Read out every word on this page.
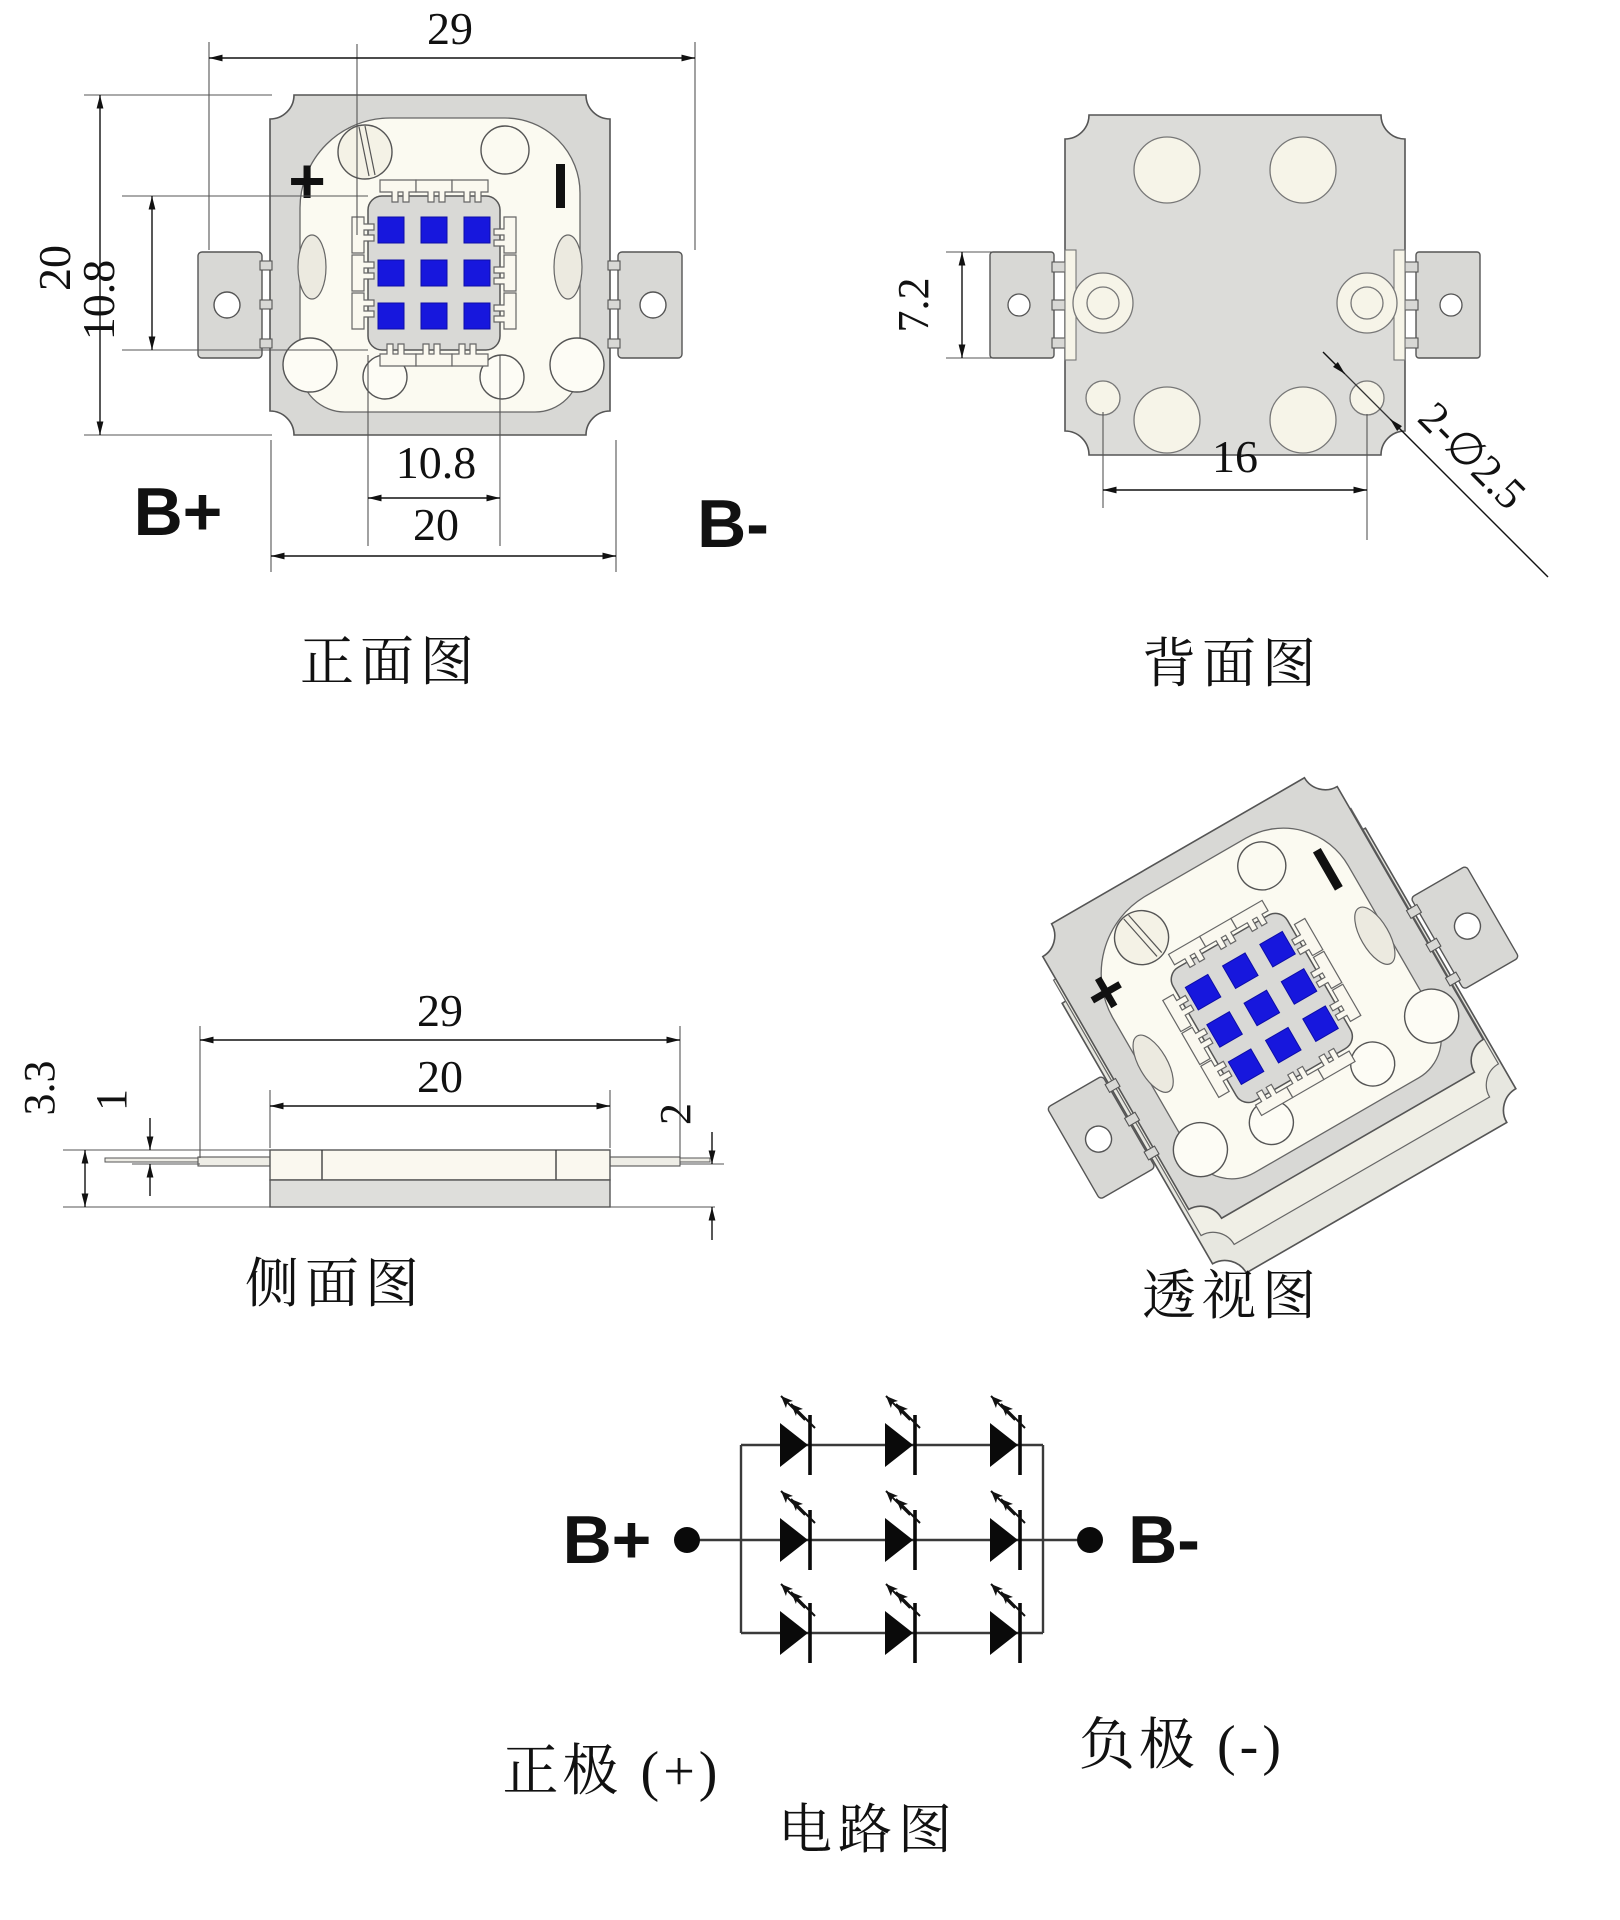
29
20
10.8
10.8
20
B+	B-
7.2
16	2-∅2.5
29
20
3.3 1
2
B+	B-
正面图	背面图
侧面图	透视图
正极 (+)	负极 (-)
电路图
